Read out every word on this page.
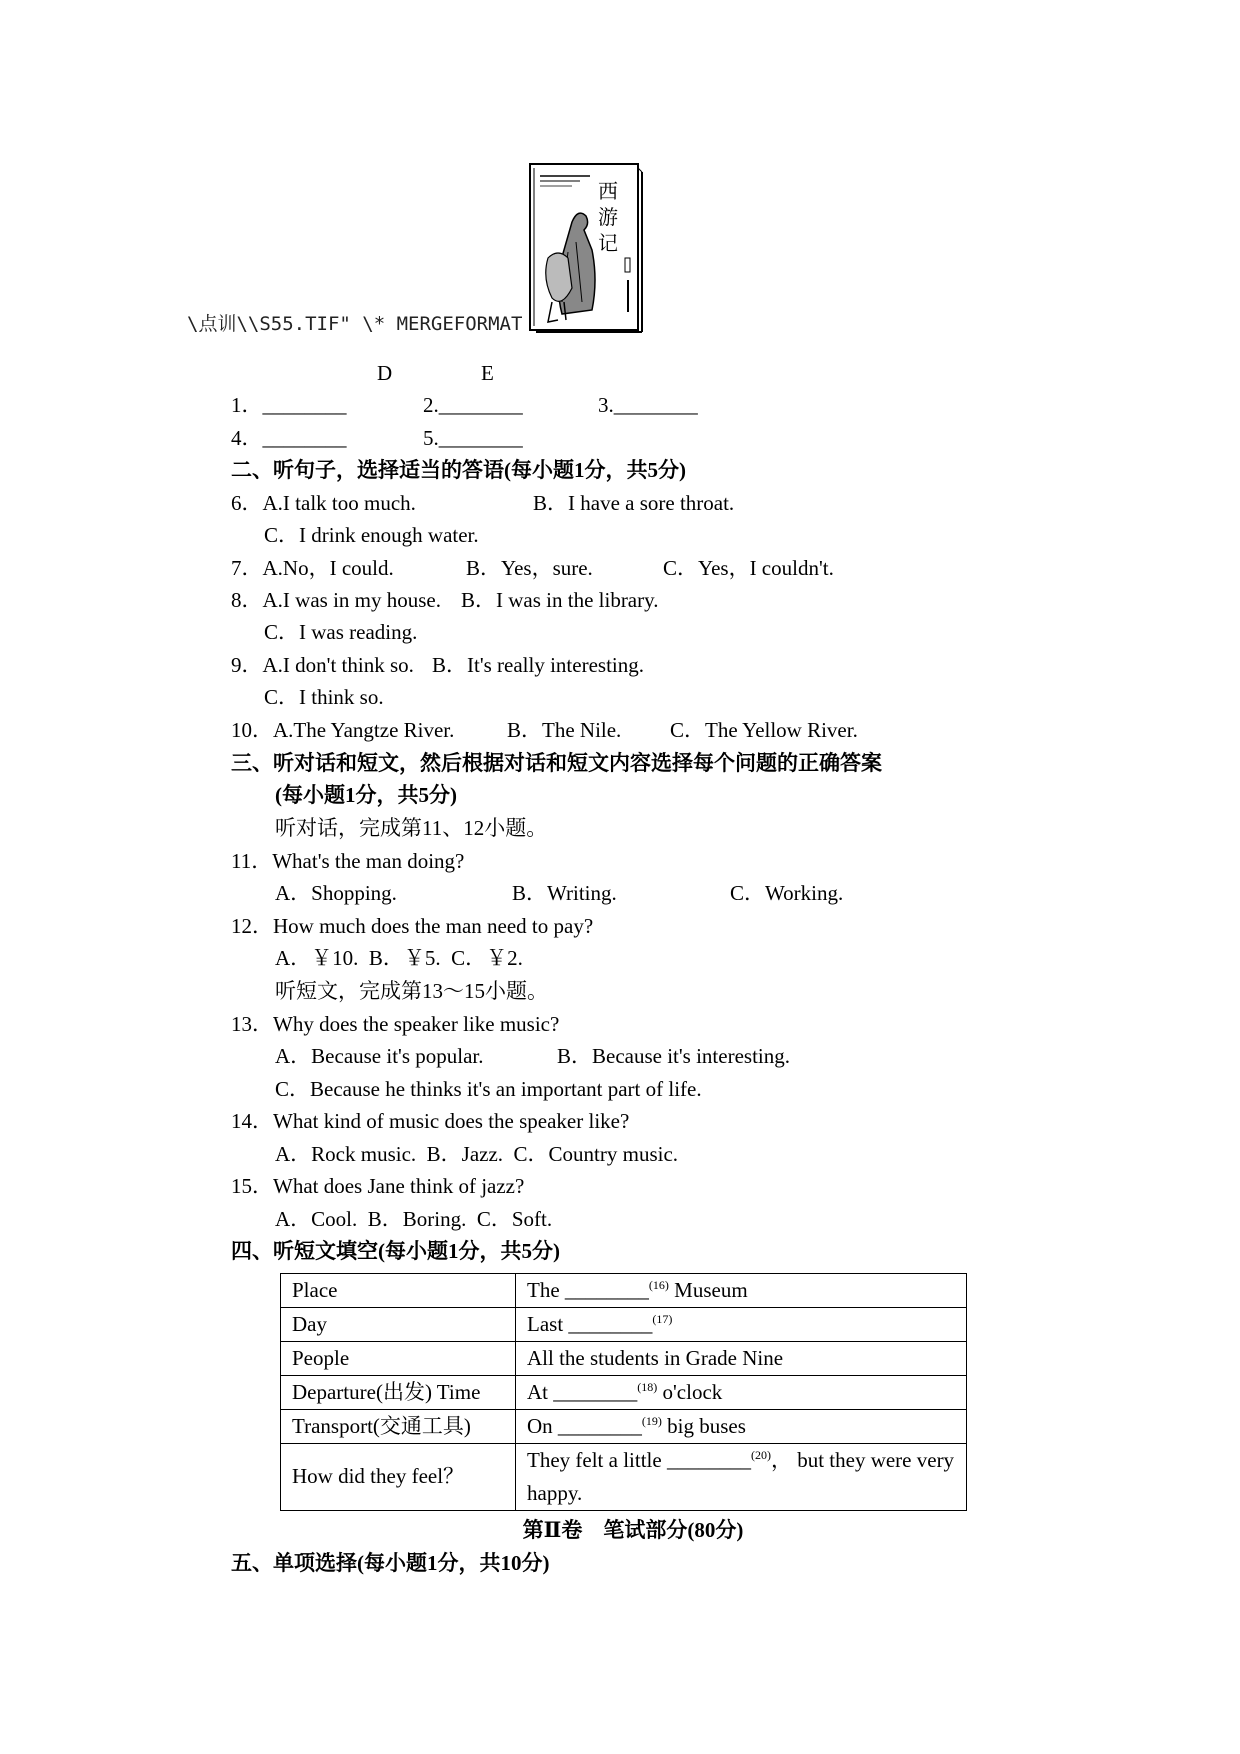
\点训\\S55.TIF" \* MERGEFORMAT
西
游
记
D	E
1．________	2.________	3.________
4．________	5.________
二、听句子，选择适当的答语(每小题1分，共5分)
6．A.I talk too much.	B．I have a sore throat.
C．I drink enough water.
7．A.No，I could.	B．Yes，sure.	C．Yes，I couldn't.
8．A.I was in my house. B．I was in the library.
C．I was reading.
9．A.I don't think so. B．It's really interesting.
C．I think so.
10．A.The Yangtze River.	B．The Nile. C．The Yellow River.
三、听对话和短文，然后根据对话和短文内容选择每个问题的正确答案
(每小题1分，共5分)
听对话，完成第11、12小题。
11．What's the man doing?
A．Shopping.	B．Writing.	C．Working.
12．How much does the man need to pay?
A．￥10.  B．￥5.  C．￥2.
听短文，完成第13～15小题。
13．Why does the speaker like music?
A．Because it's popular.	B．Because it's interesting.
C．Because he thinks it's an important part of life.
14．What kind of music does the speaker like?
A．Rock music.  B．Jazz.  C．Country music.
15．What does Jane think of jazz?
A．Cool.  B．Boring.  C．Soft.
四、听短文填空(每小题1分，共5分)
Place	The ________$^{(16)}$ Museum
Day	Last ________$^{(17)}$
People	All the students in Grade Nine
Departure(出发) Time	At ________$^{(18)}$ o'clock
Transport(交通工具)	On ________$^{(19)}$ big buses
How did they feel？	They felt a little ________$^{(20)}$， but they were very happy.
第Ⅱ卷　笔试部分(80分)
五、单项选择(每小题1分，共10分)
